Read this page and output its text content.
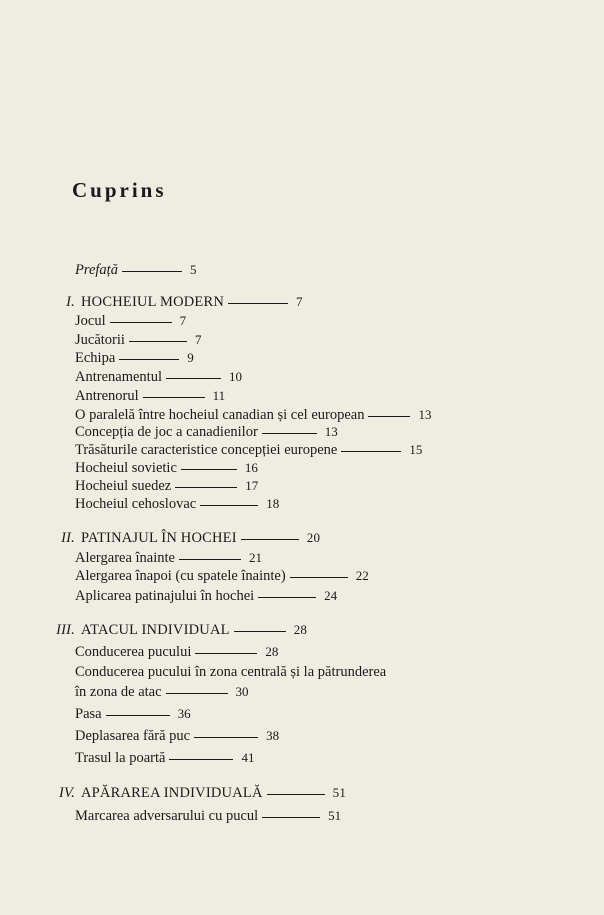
Cuprins
Prefață	5
I. HOCHEIUL MODERN	7
Jocul	7
Jucătorii	7
Echipa	9
Antrenamentul	10
Antrenorul	11
O paralelă între hocheiul canadian și cel european	13
Concepția de joc a canadienilor	13
Trăsăturile caracteristice concepției europene	15
Hocheiul sovietic	16
Hocheiul suedez	17
Hocheiul cehoslovac	18
II. PATINAJUL ÎN HOCHEI	20
Alergarea înainte	21
Alergarea înapoi (cu spatele înainte)	22
Aplicarea patinajului în hochei	24
III. ATACUL INDIVIDUAL	28
Conducerea pucului	28
Conducerea pucului în zona centrală și la pătrunderea
în zona de atac	30
Pasa	36
Deplasarea fără puc	38
Trasul la poartă	41
IV. APĂRAREA INDIVIDUALĂ	51
Marcarea adversarului cu pucul	51
